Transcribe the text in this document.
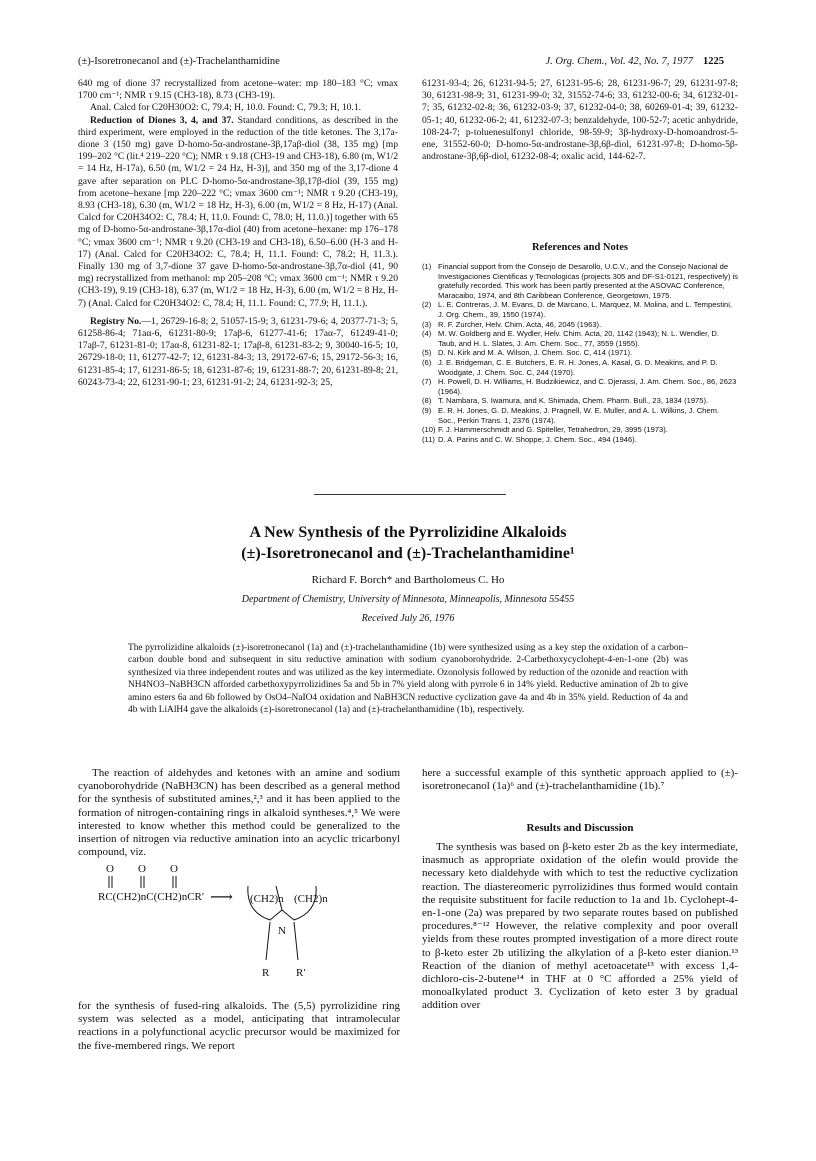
(±)-Isoretronecanol and (±)-Trachelanthamidine	J. Org. Chem., Vol. 42, No. 7, 1977 1225

640 mg of dione 37 recrystallized from acetone–water: mp 180–183 °C; νmax 1700 cm⁻¹; NMR τ 9.15 (CH3-18), 8.73 (CH3-19).

Anal. Calcd for C20H30O2: C, 79.4; H, 10.0. Found: C, 79.3; H, 10.1.

Reduction of Diones 3, 4, and 37. Standard conditions, as described in the third experiment, were employed in the reduction of the title ketones. The 3,17a-dione 3 (150 mg) gave D-homo-5α-androstane-3β,17aβ-diol (38, 135 mg) [mp 199–202 °C (lit.⁴ 219–220 °C); NMR τ 9.18 (CH3-19 and CH3-18), 6.80 (m, W1/2 = 14 Hz, H-17a), 6.50 (m, W1/2 = 24 Hz, H-3)], and 350 mg of the 3,17-dione 4 gave after separation on PLC D-homo-5α-androstane-3β,17β-diol (39, 155 mg) from acetone–hexane [mp 220–222 °C; νmax 3600 cm⁻¹; NMR τ 9.20 (CH3-19), 8.93 (CH3-18), 6.30 (m, W1/2 = 18 Hz, H-3), 6.00 (m, W1/2 = 8 Hz, H-17) (Anal. Calcd for C20H34O2: C, 78.4; H, 11.0. Found: C, 78.0; H, 11.0.)] together with 65 mg of D-homo-5α-androstane-3β,17α-diol (40) from acetone–hexane: mp 176–178 °C; νmax 3600 cm⁻¹; NMR τ 9.20 (CH3-19 and CH3-18), 6.50–6.00 (H-3 and H-17) (Anal. Calcd for C20H34O2: C, 78.4; H, 11.1. Found: C, 78.2; H, 11.3.). Finally 130 mg of 3,7-dione 37 gave D-homo-5α-androstane-3β,7α-diol (41, 90 mg) recrystallized from methanol: mp 205–208 °C; νmax 3600 cm⁻¹; NMR τ 9.20 (CH3-19), 9.19 (CH3-18), 6.37 (m, W1/2 = 18 Hz, H-3), 6.00 (m, W1/2 = 8 Hz, H-7) (Anal. Calcd for C20H34O2: C, 78.4; H, 11.1. Found: C, 77.9; H, 11.1.).

Registry No.—1, 26729-16-8; 2, 51057-15-9; 3, 61231-79-6; 4, 20377-71-3; 5, 61258-86-4; 71aα-6, 61231-80-9; 17aβ-6, 61277-41-6; 17aα-7, 61249-41-0; 17aβ-7, 61231-81-0; 17aα-8, 61231-82-1; 17aβ-8, 61231-83-2; 9, 30040-16-5; 10, 26729-18-0; 11, 61277-42-7; 12, 61231-84-3; 13, 29172-67-6; 15, 29172-56-3; 16, 61231-85-4; 17, 61231-86-5; 18, 61231-87-6; 19, 61231-88-7; 20, 61231-89-8; 21, 60243-73-4; 22, 61231-90-1; 23, 61231-91-2; 24, 61231-92-3; 25,

61231-93-4; 26, 61231-94-5; 27, 61231-95-6; 28, 61231-96-7; 29, 61231-97-8; 30, 61231-98-9; 31, 61231-99-0; 32, 31552-74-6; 33, 61232-00-6; 34, 61232-01-7; 35, 61232-02-8; 36, 61232-03-9; 37, 61232-04-0; 38, 60269-01-4; 39, 61232-05-1; 40, 61232-06-2; 41, 61232-07-3; benzaldehyde, 100-52-7; acetic anhydride, 108-24-7; p-toluenesulfonyl chloride, 98-59-9; 3β-hydroxy-D-homoandrost-5-ene, 31552-60-0; D-homo-5α-androstane-3β,6β-diol, 61231-97-8; D-homo-5β-androstane-3β,6β-diol, 61232-08-4; oxalic acid, 144-62-7.

References and Notes
(1) Financial support from the Consejo de Desarollo, U.C.V., and the Consejo Nacional de Investigaciones Cientificas y Tecnologicas (projects 305 and DF-S1-0121, respectively) is gratefully recorded. This work has been partly presented at the ASOVAC Conference, Maracaibo, 1974, and 8th Caribbean Conference, Georgetown, 1975.
(2) L. E. Contreras, J. M. Evans, D. de Marcano, L. Marquez, M. Molina, and L. Tempestini, J. Org. Chem., 39, 1550 (1974).
(3) R. F. Zurcher, Helv. Chim. Acta, 46, 2045 (1963).
(4) M. W. Goldberg and E. Wydler, Helv. Chim. Acta, 20, 1142 (1943); N. L. Wendler, D. Taub, and H. L. Slates, J. Am. Chem. Soc., 77, 3559 (1955).
(5) D. N. Kirk and M. A. Wilson, J. Chem. Soc. C, 414 (1971).
(6) J. E. Bridgeman, C. E. Butchers, E. R. H. Jones, A. Kasal, G. D. Meakins, and P. D. Woodgate, J. Chem. Soc. C, 244 (1970).
(7) H. Powell, D. H. Williams, H. Budzikiewicz, and C. Djerassi, J. Am. Chem. Soc., 86, 2623 (1964).
(8) T. Nambara, S. Iwamura, and K. Shimada, Chem. Pharm. Bull., 23, 1834 (1975).
(9) E. R. H. Jones, G. D. Meakins, J. Pragnell, W. E. Muller, and A. L. Wilkins, J. Chem. Soc., Perkin Trans. 1, 2376 (1974).
(10) F. J. Hammerschmidt and G. Spiteller, Tetrahedron, 29, 3995 (1973).
(11) D. A. Parins and C. W. Shoppe, J. Chem. Soc., 494 (1946).
A New Synthesis of the Pyrrolizidine Alkaloids
(±)-Isoretronecanol and (±)-Trachelanthamidine¹
Richard F. Borch* and Bartholomeus C. Ho
Department of Chemistry, University of Minnesota, Minneapolis, Minnesota 55455
Received July 26, 1976
The pyrrolizidine alkaloids (±)-isoretronecanol (1a) and (±)-trachelanthamidine (1b) were synthesized using as a key step the oxidation of a carbon–carbon double bond and subsequent in situ reductive amination with sodium cyanoborohydride. 2-Carbethoxycyclohept-4-en-1-one (2b) was synthesized via three independent routes and was utilized as the key intermediate. Ozonolysis followed by reduction of the ozonide and reaction with NH4NO3–NaBH3CN afforded carbethoxypyrrolizidines 5a and 5b in 7% yield along with pyrrole 6 in 14% yield. Reductive amination of 2b to give amino esters 6a and 6b followed by OsO4–NaIO4 oxidation and NaBH3CN reductive cyclization gave 4a and 4b in 35% yield. Reduction of 4a and 4b with LiAlH4 gave the alkaloids (±)-isoretronecanol (1a) and (±)-trachelanthamidine (1b), respectively.

The reaction of aldehydes and ketones with an amine and sodium cyanoborohydride (NaBH3CN) has been described as a general method for the synthesis of substituted amines,²,³ and it has been applied to the formation of nitrogen-containing rings in alkaloid syntheses.⁴,⁵ We were interested to know whether this method could be generalized to the insertion of nitrogen via reductive amination into an acyclic tricarbonyl compound, viz.

O O O
RC(CH2)nC(CH2)nCR′ ⟶ (CH2)n (CH2)n
N
R R′

for the synthesis of fused-ring alkaloids. The (5,5) pyrrolizidine ring system was selected as a model, anticipating that intramolecular reactions in a polyfunctional acyclic precursor would be maximized for the five-membered rings. We report

here a successful example of this synthetic approach applied to (±)-isoretronecanol (1a)⁶ and (±)-trachelanthamidine (1b).⁷

Results and Discussion
The synthesis was based on β-keto ester 2b as the key intermediate, inasmuch as appropriate oxidation of the olefin would provide the necessary keto dialdehyde with which to test the reductive cyclization reaction. The diastereomeric pyrrolizidines thus formed would contain the requisite substituent for facile reduction to 1a and 1b. Cyclohept-4-en-1-one (2a) was prepared by two separate routes based on published procedures.⁸⁻¹² However, the relative complexity and poor overall yields from these routes prompted investigation of a more direct route to β-keto ester 2b utilizing the alkylation of a β-keto ester dianion.¹³ Reaction of the dianion of methyl acetoacetate¹³ with excess 1,4-dichloro-cis-2-butene¹⁴ in THF at 0 °C afforded a 25% yield of monoalkylated product 3. Cyclization of keto ester 3 by gradual addition over
